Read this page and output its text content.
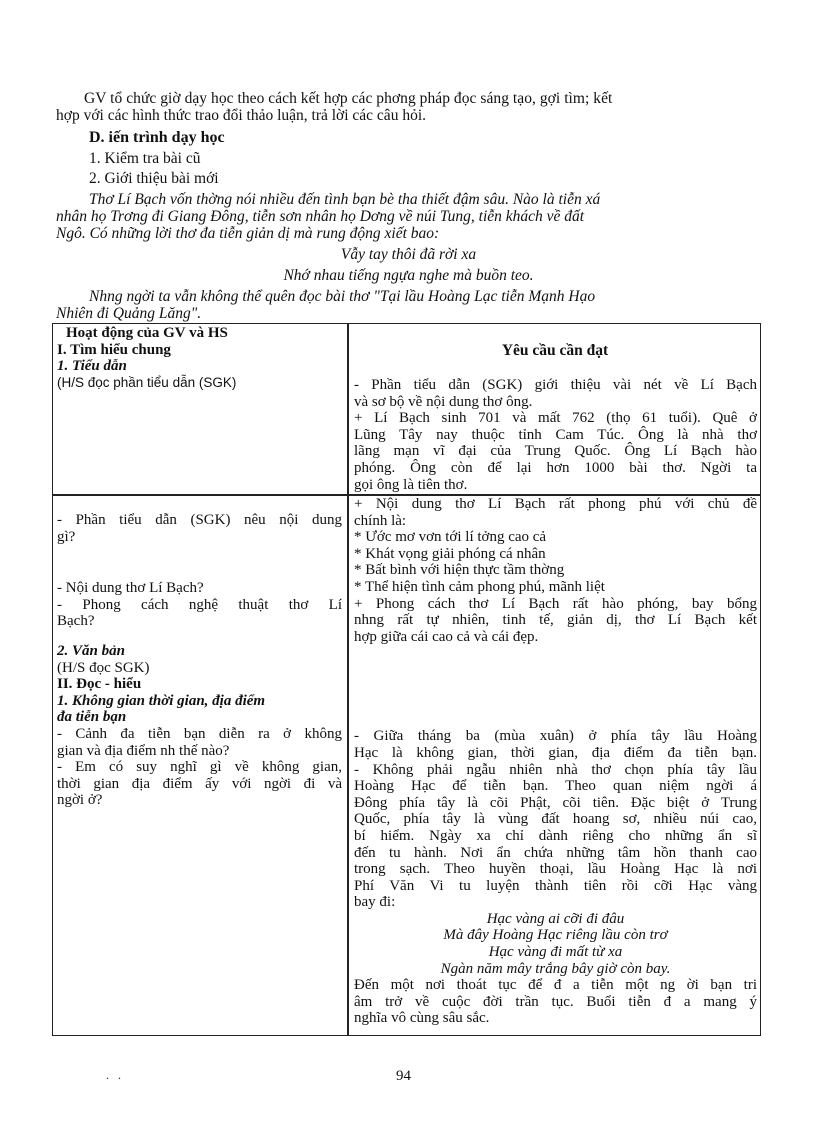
GV tổ chức giờ dạy học theo cách kết hợp các phơng pháp đọc sáng tạo, gợi tìm; kết
hợp với các hình thức trao đổi thảo luận, trả lời các câu hỏi.
D. iến trình dạy học
1. Kiểm tra bài cũ
2. Giới thiệu bài mới
Thơ Lí Bạch vốn thờng nói nhiều đến tình bạn bè tha thiết đậm sâu. Nào là tiễn xá
nhân họ Trơng đi Giang Đông, tiễn sơn nhân họ Dơng về núi Tung, tiễn khách về đất
Ngô. Có những lời thơ đa tiễn giản dị mà rung động xiết bao:
Vẫy tay thôi đã rời xa
Nhớ nhau tiếng ngựa nghe mà buồn teo.
Nhng ngời ta vẫn không thể quên đọc bài thơ "Tại lầu Hoàng Lạc tiễn Mạnh Hạo
Nhiên đi Quảng Lăng".
Hoạt động của GV và HS
I. Tìm hiểu chung
1. Tiểu dẫn
(H/S đọc phần tiểu dẫn (SGK)
Yêu cầu cần đạt
- Phần tiểu dẫn (SGK) giới thiệu vài nét về Lí Bạch
và sơ bộ về nội dung thơ ông.
+ Lí Bạch sinh 701 và mất 762 (thọ 61 tuổi). Quê ở
Lũng Tây nay thuộc tỉnh Cam Túc. Ông là nhà thơ
lãng mạn vĩ đại của Trung Quốc. Ông Lí Bạch hào
phóng. Ông còn để lại hơn 1000 bài thơ. Ngời ta
gọi ông là tiên thơ.
- Phần tiểu dẫn (SGK) nêu nội dung
gì?
- Nội dung thơ Lí Bạch?
- Phong cách nghệ thuật thơ Lí
Bạch?
2. Văn bản
(H/S đọc SGK)
II. Đọc - hiểu
1. Không gian thời gian, địa điểm
đa tiễn bạn
- Cảnh đa tiễn bạn diễn ra ở không
gian và địa điểm nh thế nào?
- Em có suy nghĩ gì về không gian,
thời gian địa điểm ấy với ngời đi và
ngời ở?
+ Nội dung thơ Lí Bạch rất phong phú với chủ đề
chính là:
* Ước mơ vơn tới lí tởng cao cả
* Khát vọng giải phóng cá nhân
* Bất bình với hiện thực tầm thờng
* Thể hiện tình cảm phong phú, mãnh liệt
+ Phong cách thơ Lí Bạch rất hào phóng, bay bổng
nhng rất tự nhiên, tinh tế, giản dị, thơ Lí Bạch kết
hợp giữa cái cao cả và cái đẹp.
- Giữa tháng ba (mùa xuân) ở phía tây lầu Hoàng
Hạc là không gian, thời gian, địa điểm đa tiễn bạn.
- Không phải ngẫu nhiên nhà thơ chọn phía tây lầu
Hoàng Hạc để tiễn bạn. Theo quan niệm ngời á
Đông phía tây là cõi Phật, cõi tiên. Đặc biệt ở Trung
Quốc, phía tây là vùng đất hoang sơ, nhiều núi cao,
bí hiểm. Ngày xa chỉ dành riêng cho những ẩn sĩ
đến tu hành. Nơi ẩn chứa những tâm hồn thanh cao
trong sạch. Theo huyền thoại, lầu Hoàng Hạc là nơi
Phí Văn Vi tu luyện thành tiên rồi cỡi Hạc vàng
bay đi:
Hạc vàng ai cỡi đi đâu
Mà đây Hoàng Hạc riêng lầu còn trơ
Hạc vàng đi mất từ xa
Ngàn năm mây trắng bây giờ còn bay.
Đến một nơi thoát tục để đ a tiễn một ng ời bạn tri
âm trở về cuộc đời trần tục. Buổi tiễn đ a mang ý
nghĩa vô cùng sâu sắc.
. .	94
